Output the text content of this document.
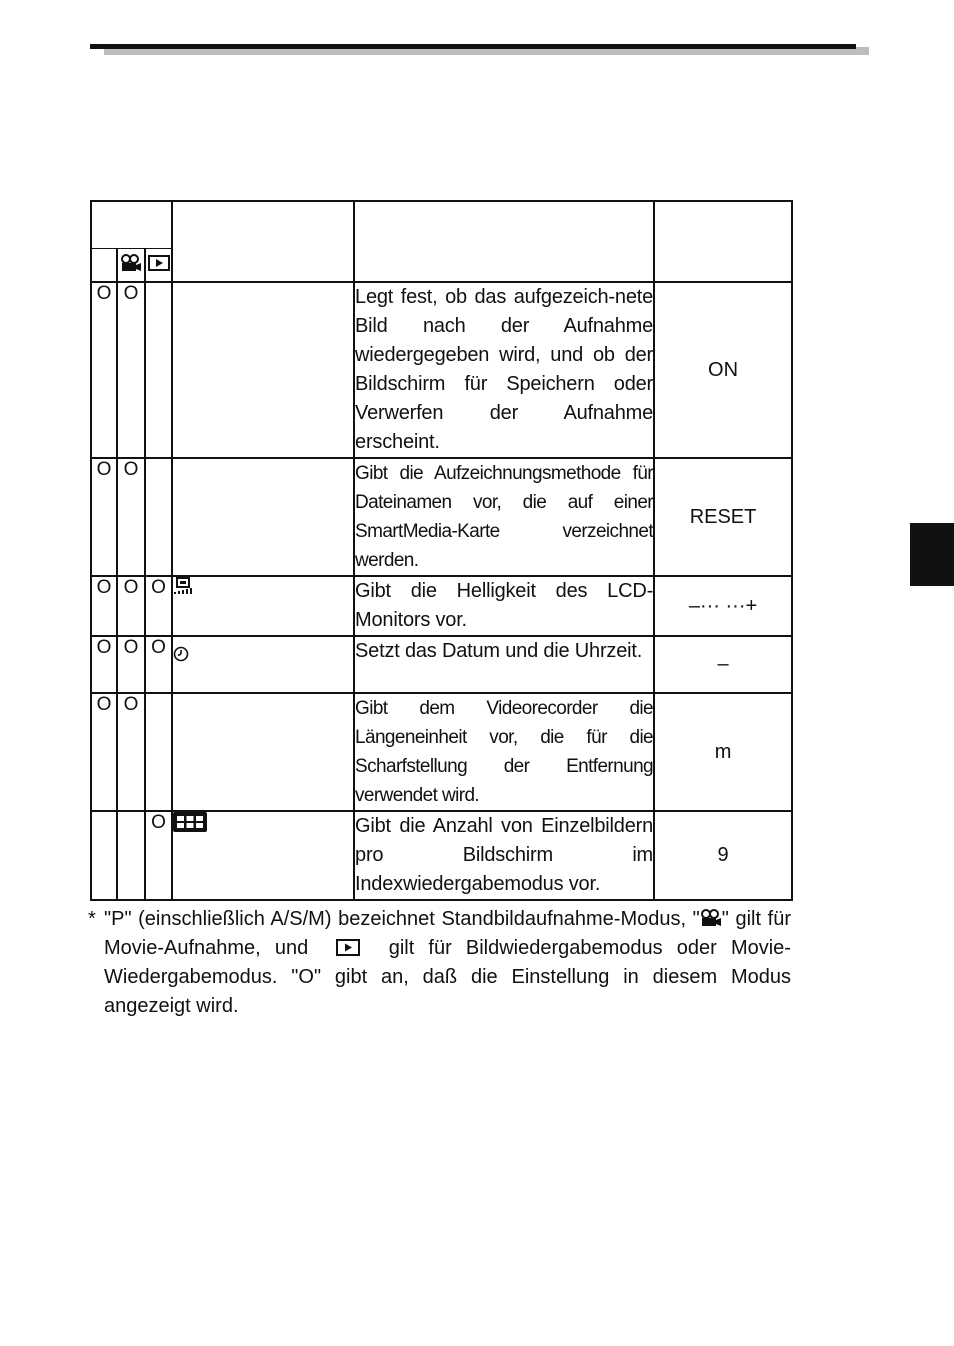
O	O			Legt fest, ob das aufgezeich-nete Bild nach der Aufnahme wiedergegeben wird, und ob der Bildschirm für Speichern oder Verwerfen der Aufnahme erscheint.	ON
O	O			Gibt die Aufzeichnungsmethode für Dateinamen vor, die auf einer SmartMedia-Karte verzeichnet werden.	RESET
O	O	O		Gibt die Helligkeit des LCD-Monitors vor.	–··· ···+
O	O	O		Setzt das Datum und die Uhrzeit.	–
O	O			Gibt dem Videorecorder die Längeneinheit vor, die für die Scharfstellung der Entfernung verwendet wird.	m
		O		Gibt die Anzahl von Einzelbildern pro Bildschirm im Indexwiedergabemodus vor.	9
* "P" (einschließlich A/S/M) bezeichnet Standbildaufnahme-Modus, " " gilt für Movie-Aufnahme, und	gilt für Bildwiedergabemodus oder Movie-Wiedergabemodus. "O" gibt an, daß die Einstellung in diesem Modus angezeigt wird.
